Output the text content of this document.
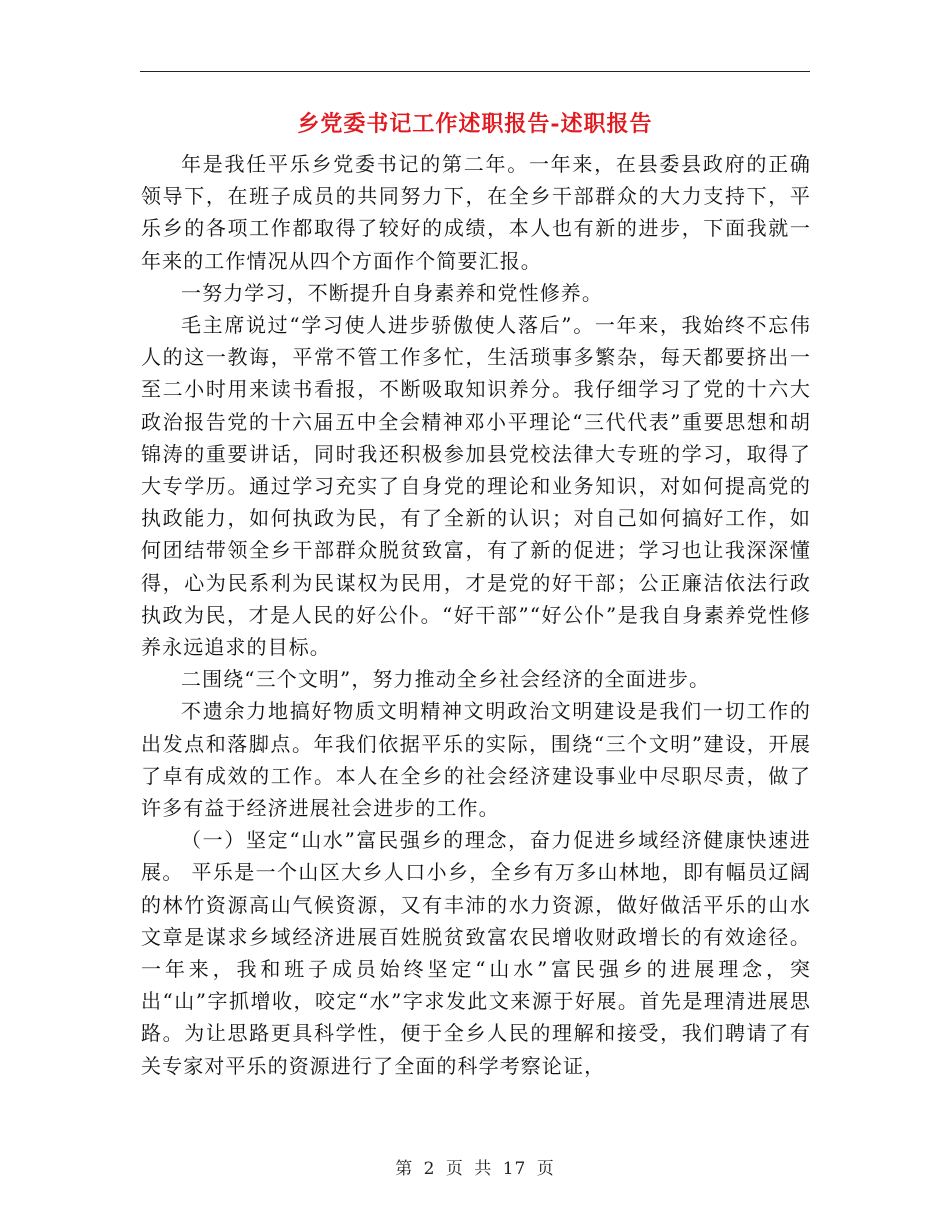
乡党委书记工作述职报告-述职报告

年是我任平乐乡党委书记的第二年。一年来，在县委县政府的正确领导下，在班子成员的共同努力下，在全乡干部群众的大力支持下，平乐乡的各项工作都取得了较好的成绩，本人也有新的进步，下面我就一年来的工作情况从四个方面作个简要汇报。

一努力学习，不断提升自身素养和党性修养。

毛主席说过“学习使人进步骄傲使人落后”。一年来，我始终不忘伟人的这一教诲，平常不管工作多忙，生活琐事多繁杂，每天都要挤出一至二小时用来读书看报，不断吸取知识养分。我仔细学习了党的十六大政治报告党的十六届五中全会精神邓小平理论“三代代表”重要思想和胡锦涛的重要讲话，同时我还积极参加县党校法律大专班的学习，取得了大专学历。通过学习充实了自身党的理论和业务知识，对如何提高党的执政能力，如何执政为民，有了全新的认识；对自己如何搞好工作，如何团结带领全乡干部群众脱贫致富，有了新的促进；学习也让我深深懂得，心为民系利为民谋权为民用，才是党的好干部；公正廉洁依法行政执政为民，才是人民的好公仆。“好干部”“好公仆”是我自身素养党性修养永远追求的目标。

二围绕“三个文明”，努力推动全乡社会经济的全面进步。

不遗余力地搞好物质文明精神文明政治文明建设是我们一切工作的出发点和落脚点。年我们依据平乐的实际，围绕“三个文明”建设，开展了卓有成效的工作。本人在全乡的社会经济建设事业中尽职尽责，做了许多有益于经济进展社会进步的工作。

（一）坚定“山水”富民强乡的理念，奋力促进乡域经济健康快速进展。 平乐是一个山区大乡人口小乡，全乡有万多山林地，即有幅员辽阔的林竹资源高山气候资源，又有丰沛的水力资源，做好做活平乐的山水文章是谋求乡域经济进展百姓脱贫致富农民增收财政增长的有效途径。一年来，我和班子成员始终坚定“山水”富民强乡的进展理念，突出“山”字抓增收，咬定“水”字求发此文来源于好展。首先是理清进展思路。为让思路更具科学性，便于全乡人民的理解和接受，我们聘请了有关专家对平乐的资源进行了全面的科学考察论证，

第 2 页 共 17 页
